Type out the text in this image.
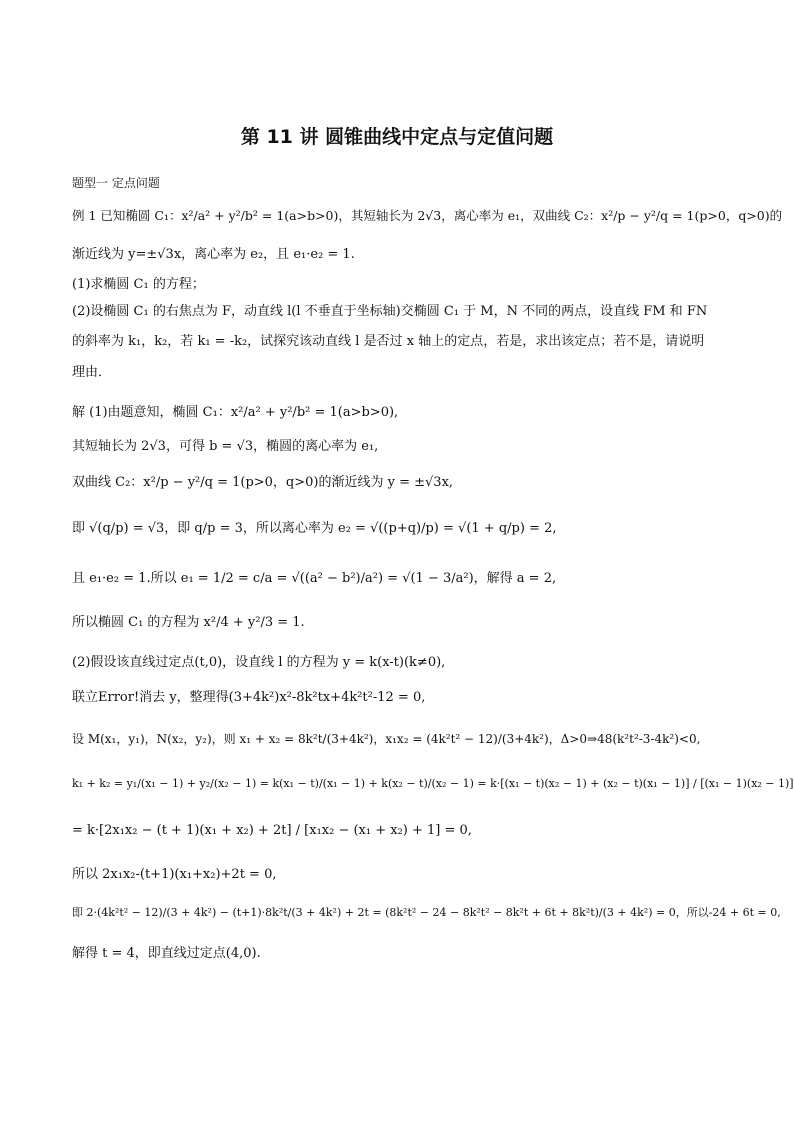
第 11 讲 圆锥曲线中定点与定值问题
题型一 定点问题
例 1 已知椭圆 C₁：x²/a² + y²/b² = 1(a>b>0)，其短轴长为 2√3，离心率为 e₁，双曲线 C₂：x²/p − y²/q = 1(p>0，q>0)的
渐近线为 y=±√3x，离心率为 e₂，且 e₁·e₂ = 1.
(1)求椭圆 C₁ 的方程；
(2)设椭圆 C₁ 的右焦点为 F，动直线 l(l 不垂直于坐标轴)交椭圆 C₁ 于 M，N 不同的两点，设直线 FM 和 FN
的斜率为 k₁，k₂，若 k₁ = -k₂，试探究该动直线 l 是否过 x 轴上的定点，若是，求出该定点；若不是，请说明
理由．
解 (1)由题意知，椭圆 C₁：x²/a² + y²/b² = 1(a>b>0),
其短轴长为 2√3，可得 b = √3，椭圆的离心率为 e₁,
双曲线 C₂：x²/p − y²/q = 1(p>0，q>0)的渐近线为 y = ±√3x,
即 √(q/p) = √3，即 q/p = 3，所以离心率为 e₂ = √((p+q)/p) = √(1 + q/p) = 2,
且 e₁·e₂ = 1.所以 e₁ = 1/2 = c/a = √((a² − b²)/a²) = √(1 − 3/a²)，解得 a = 2,
所以椭圆 C₁ 的方程为 x²/4 + y²/3 = 1.
(2)假设该直线过定点(t,0)，设直线 l 的方程为 y = k(x-t)(k≠0),
联立Error!消去 y，整理得(3+4k²)x²-8k²tx+4k²t²-12 = 0,
设 M(x₁，y₁)，N(x₂，y₂)，则 x₁ + x₂ = 8k²t/(3+4k²)，x₁x₂ = (4k²t² − 12)/(3+4k²)，Δ>0⇒48(k²t²-3-4k²)<0,
k₁ + k₂ = y₁/(x₁ − 1) + y₂/(x₂ − 1) = k(x₁ − t)/(x₁ − 1) + k(x₂ − t)/(x₂ − 1) = k·[(x₁ − t)(x₂ − 1) + (x₂ − t)(x₁ − 1)] / [(x₁ − 1)(x₂ − 1)]
= k·[2x₁x₂ − (t + 1)(x₁ + x₂) + 2t] / [x₁x₂ − (x₁ + x₂) + 1] = 0,
所以 2x₁x₂-(t+1)(x₁+x₂)+2t = 0,
即 2·(4k²t² − 12)/(3 + 4k²) − (t+1)·8k²t/(3 + 4k²) + 2t = (8k²t² − 24 − 8k²t² − 8k²t + 6t + 8k²t)/(3 + 4k²) = 0，所以-24 + 6t = 0,
解得 t = 4，即直线过定点(4,0).
